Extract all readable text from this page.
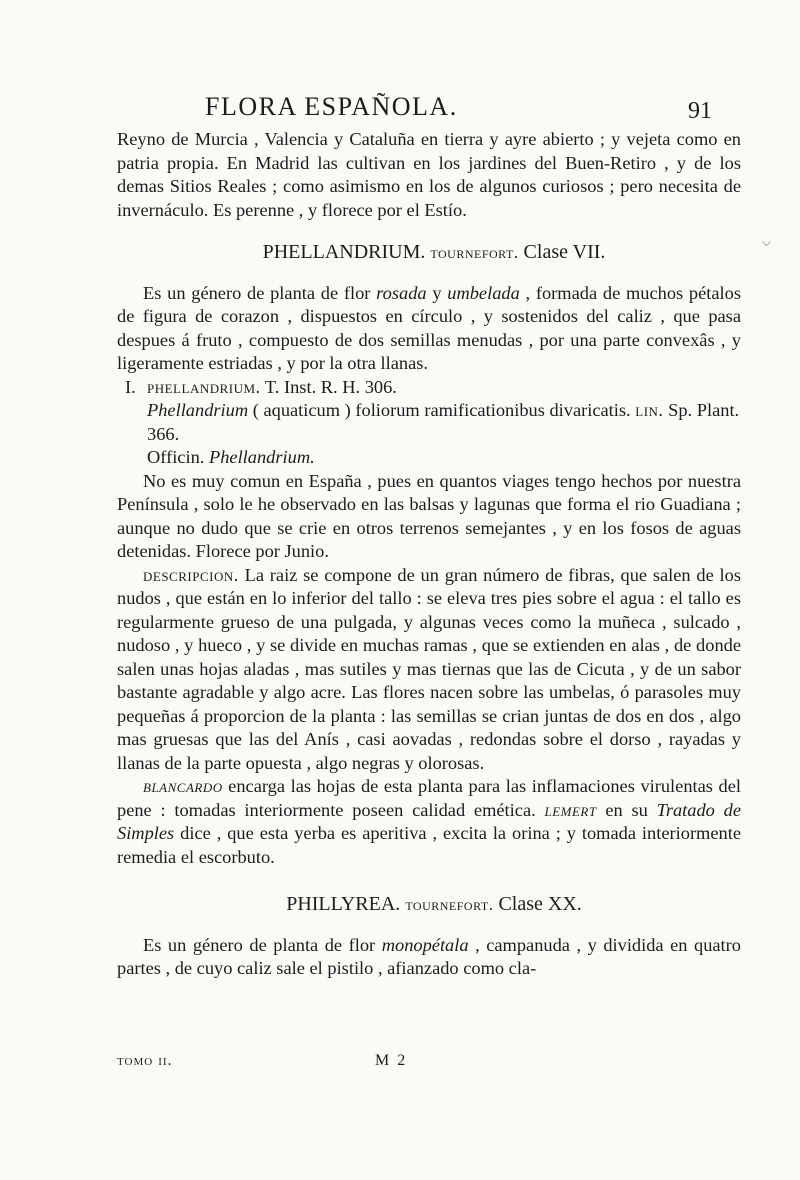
FLORA ESPAÑOLA.	91
⌵

Reyno de Murcia , Valencia y Cataluña en tierra y ayre abierto ; y vejeta como en patria propia. En Madrid las cultivan en los jardines del Buen-Retiro , y de los demas Sitios Reales ; como asimismo en los de algunos curiosos ; pero necesita de invernáculo. Es perenne , y florece por el Estío.

PHELLANDRIUM. tournefort. Clase VII.

Es un género de planta de flor rosada y umbelada , formada de muchos pétalos de figura de corazon , dispuestos en círculo , y sostenidos del caliz , que pasa despues á fruto , compuesto de dos semillas menudas , por una parte convexâs , y ligeramente estriadas , y por la otra llanas.

I. phellandrium. T. Inst. R. H. 306.
Phellandrium ( aquaticum ) foliorum ramificationibus divaricatis. lin. Sp. Plant. 366.
Officin. Phellandrium.

No es muy comun en España , pues en quantos viages tengo hechos por nuestra Península , solo le he observado en las balsas y lagunas que forma el rio Guadiana ; aunque no dudo que se crie en otros terrenos semejantes , y en los fosos de aguas detenidas. Florece por Junio.

descripcion. La raiz se compone de un gran número de fibras, que salen de los nudos , que están en lo inferior del tallo : se eleva tres pies sobre el agua : el tallo es regularmente grueso de una pulgada, y algunas veces como la muñeca , sulcado , nudoso , y hueco , y se divide en muchas ramas , que se extienden en alas , de donde salen unas hojas aladas , mas sutiles y mas tiernas que las de Cicuta , y de un sabor bastante agradable y algo acre. Las flores nacen sobre las umbelas, ó parasoles muy pequeñas á proporcion de la planta : las semillas se crian juntas de dos en dos , algo mas gruesas que las del Anís , casi aovadas , redondas sobre el dorso , rayadas y llanas de la parte opuesta , algo negras y olorosas.

blancardo encarga las hojas de esta planta para las inflamaciones virulentas del pene : tomadas interiormente poseen calidad emética. lemert en su Tratado de Simples dice , que esta yerba es aperitiva , excita la orina ; y tomada interiormente remedia el escorbuto.

PHILLYREA. tournefort. Clase XX.

Es un género de planta de flor monopétala , campanuda , y dividida en quatro partes , de cuyo caliz sale el pistilo , afianzado como cla-

tomo ii.	M 2
